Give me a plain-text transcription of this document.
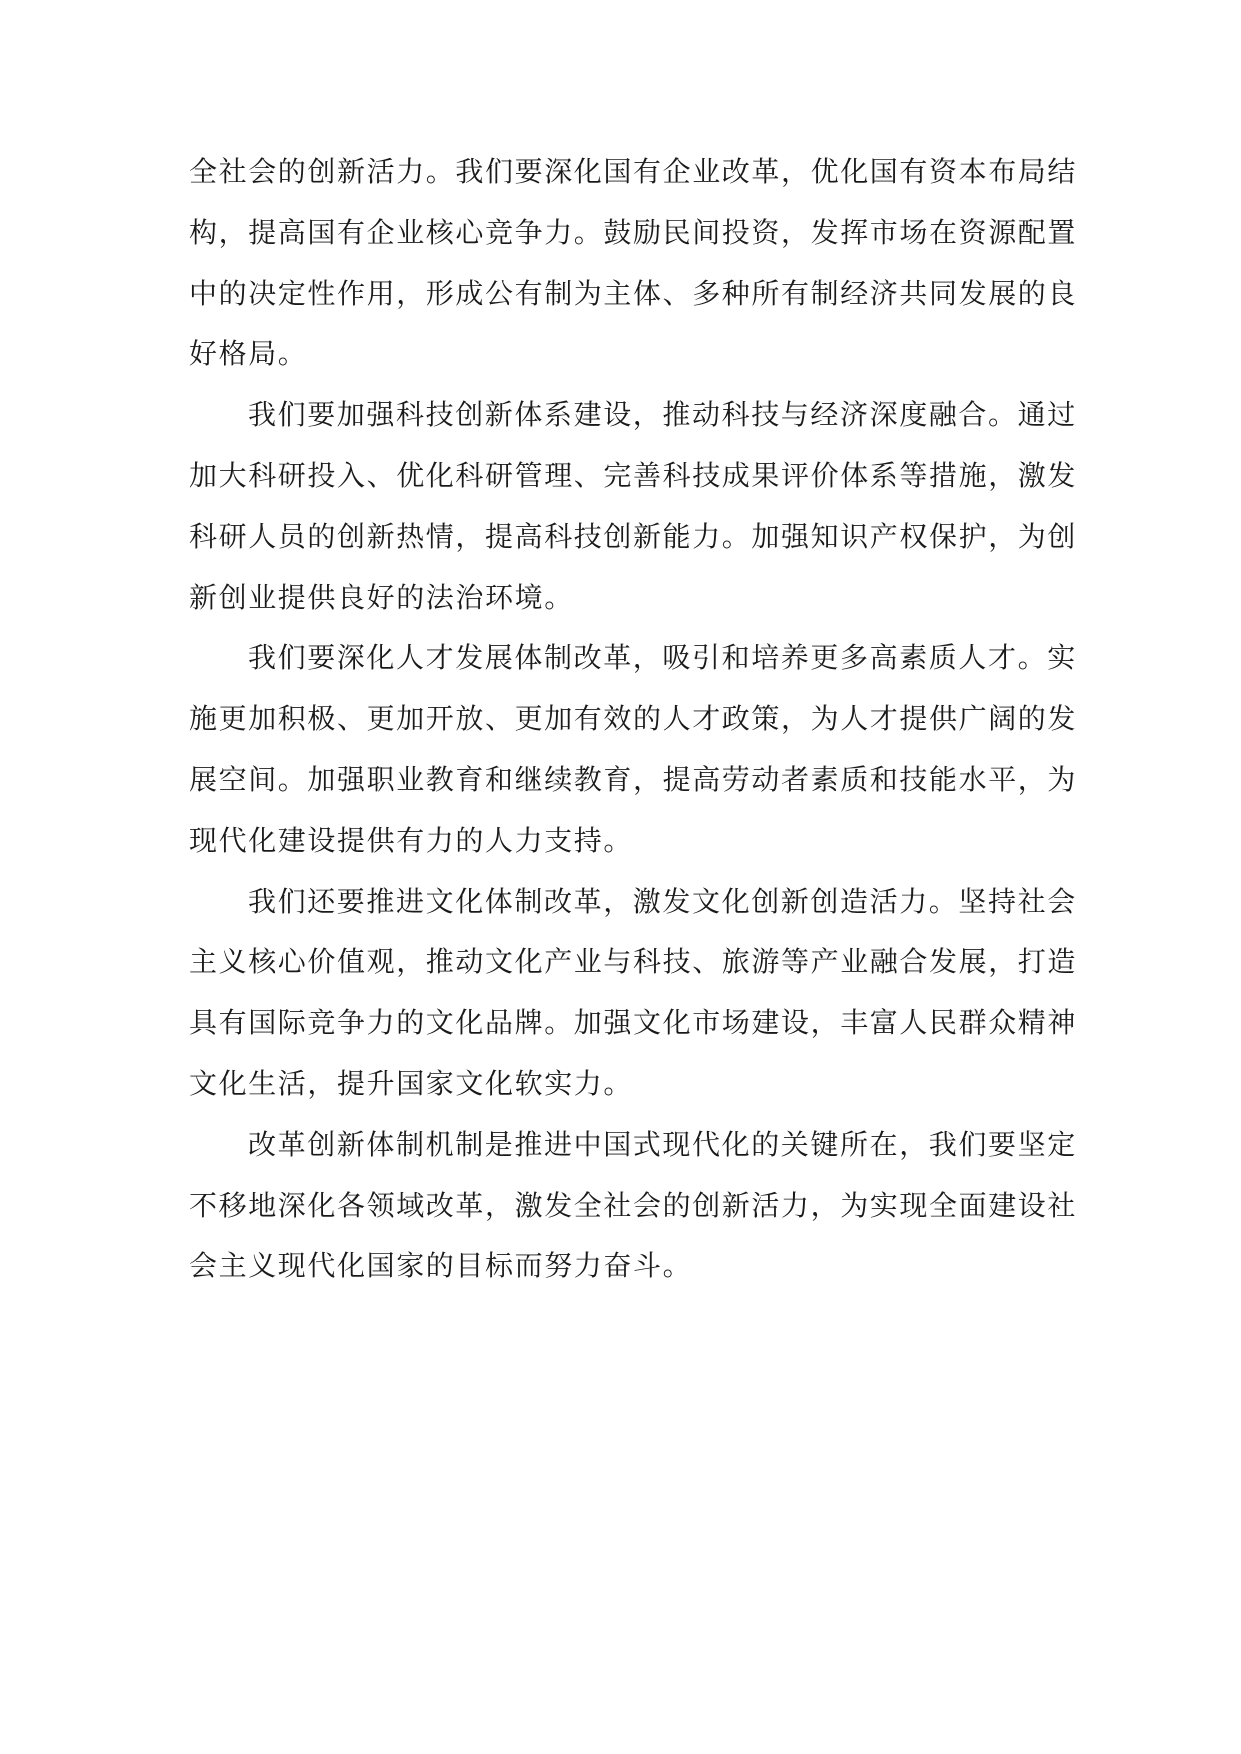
全社会的创新活力。我们要深化国有企业改革，优化国有资本布局结
构，提高国有企业核心竞争力。鼓励民间投资，发挥市场在资源配置
中的决定性作用，形成公有制为主体、多种所有制经济共同发展的良
好格局。
我们要加强科技创新体系建设，推动科技与经济深度融合。通过
加大科研投入、优化科研管理、完善科技成果评价体系等措施，激发
科研人员的创新热情，提高科技创新能力。加强知识产权保护，为创
新创业提供良好的法治环境。
我们要深化人才发展体制改革，吸引和培养更多高素质人才。实
施更加积极、更加开放、更加有效的人才政策，为人才提供广阔的发
展空间。加强职业教育和继续教育，提高劳动者素质和技能水平，为
现代化建设提供有力的人力支持。
我们还要推进文化体制改革，激发文化创新创造活力。坚持社会
主义核心价值观，推动文化产业与科技、旅游等产业融合发展，打造
具有国际竞争力的文化品牌。加强文化市场建设，丰富人民群众精神
文化生活，提升国家文化软实力。
改革创新体制机制是推进中国式现代化的关键所在，我们要坚定
不移地深化各领域改革，激发全社会的创新活力，为实现全面建设社
会主义现代化国家的目标而努力奋斗。
